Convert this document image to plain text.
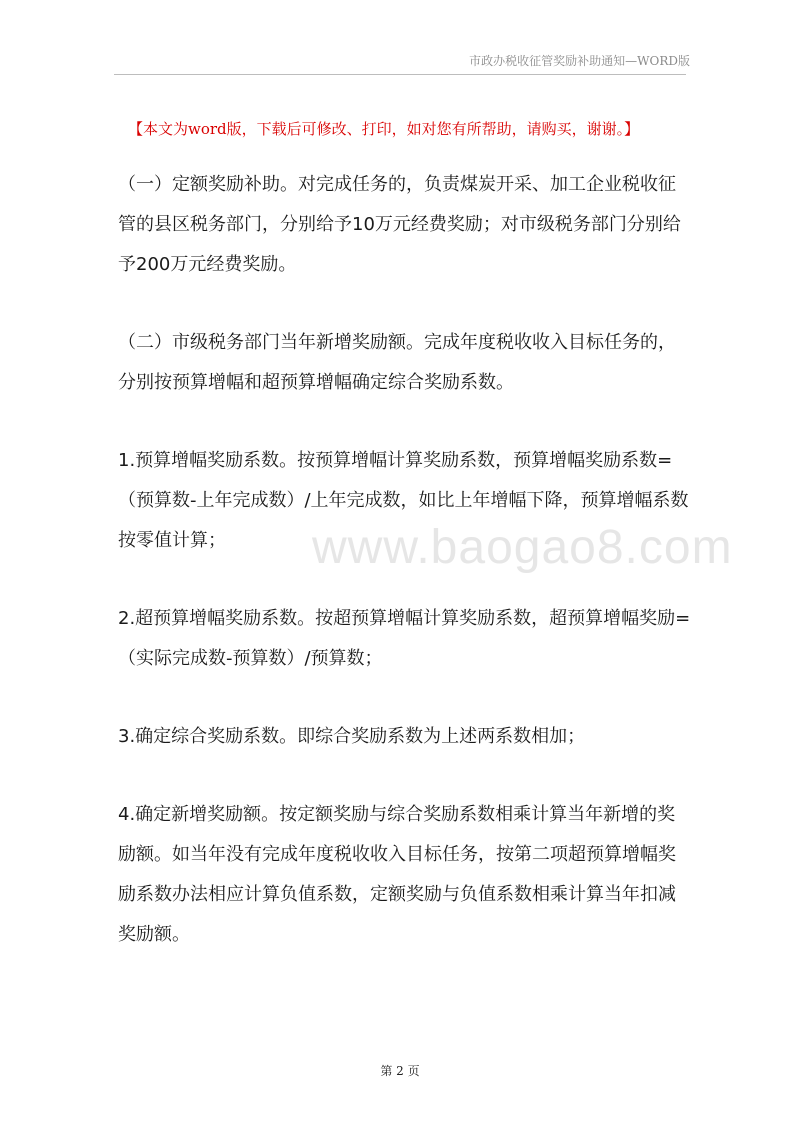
市政办税收征管奖励补助通知—WORD版
【本文为word版，下载后可修改、打印，如对您有所帮助，请购买，谢谢。】

（一）定额奖励补助。对完成任务的，负责煤炭开采、加工企业税收征管的县区税务部门，分别给予10万元经费奖励；对市级税务部门分别给予200万元经费奖励。

（二）市级税务部门当年新增奖励额。完成年度税收收入目标任务的，分别按预算增幅和超预算增幅确定综合奖励系数。

1.预算增幅奖励系数。按预算增幅计算奖励系数，预算增幅奖励系数=（预算数-上年完成数）/上年完成数，如比上年增幅下降，预算增幅系数按零值计算；

2.超预算增幅奖励系数。按超预算增幅计算奖励系数，超预算增幅奖励=（实际完成数-预算数）/预算数；

3.确定综合奖励系数。即综合奖励系数为上述两系数相加；

4.确定新增奖励额。按定额奖励与综合奖励系数相乘计算当年新增的奖励额。如当年没有完成年度税收收入目标任务，按第二项超预算增幅奖励系数办法相应计算负值系数，定额奖励与负值系数相乘计算当年扣减奖励额。

www.baogao8.com
第 2 页
